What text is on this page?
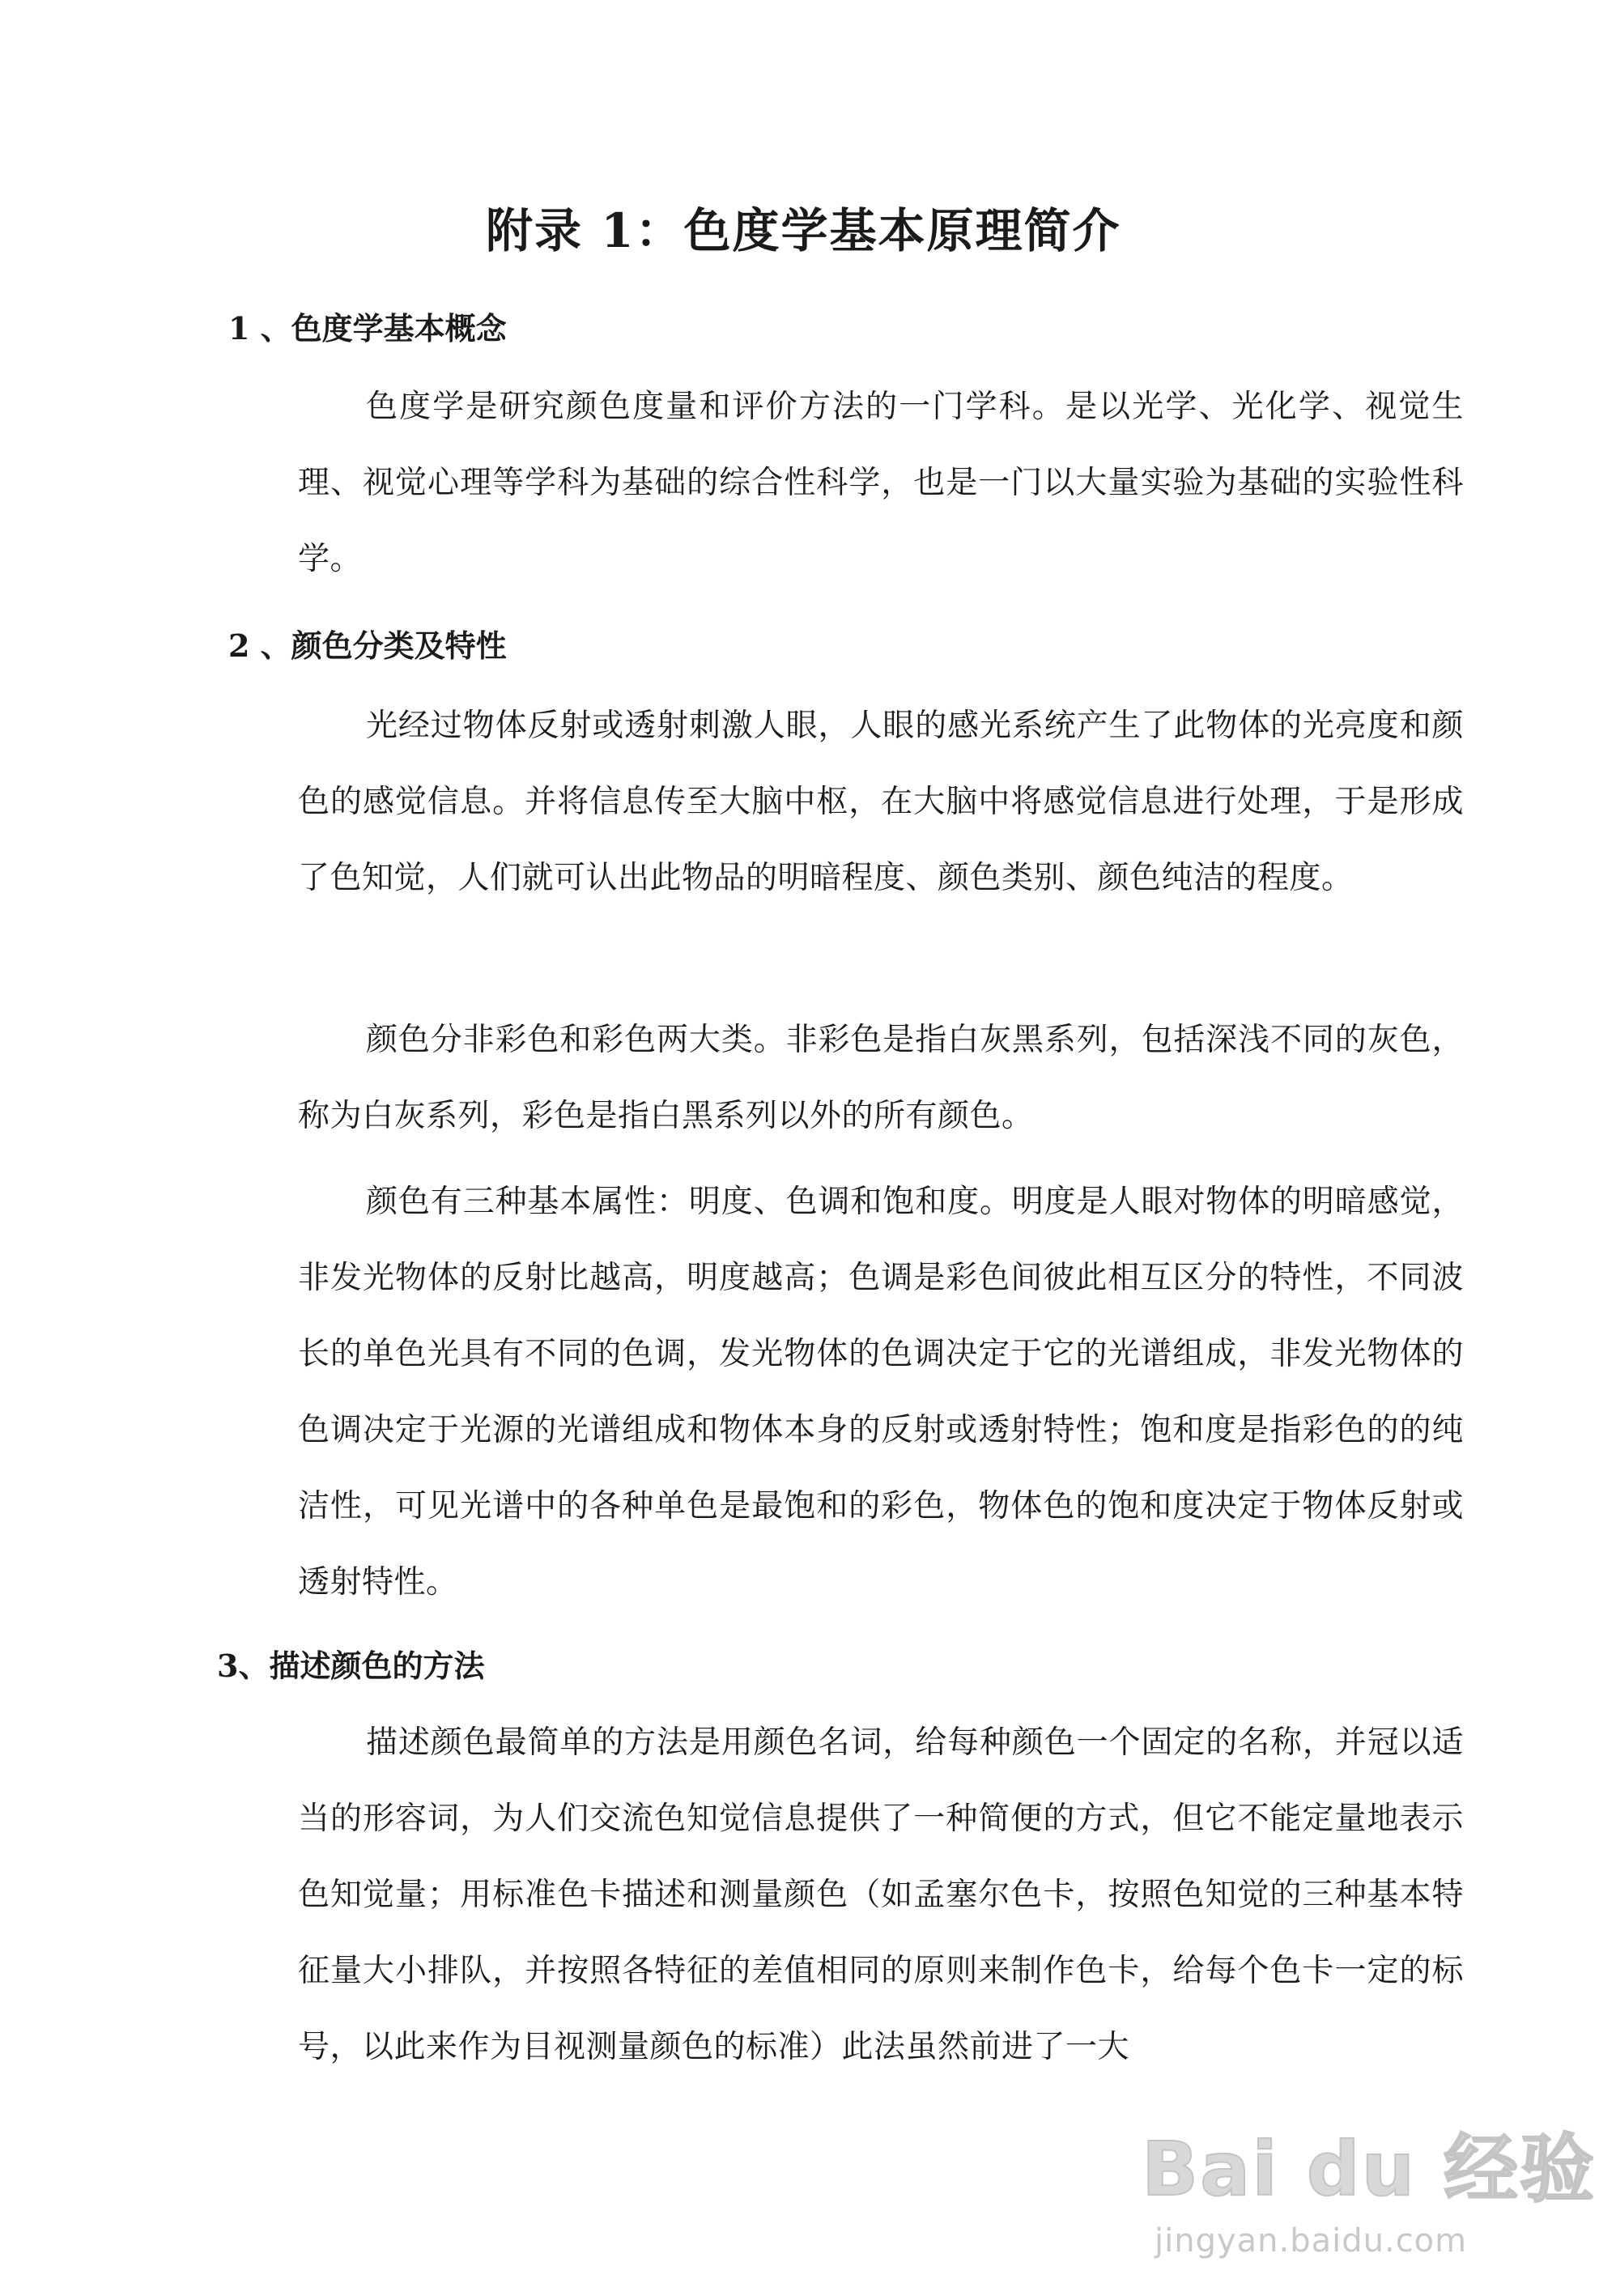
附录 1：色度学基本原理简介
1 、色度学基本概念

色度学是研究颜色度量和评价方法的一门学科。是以光学、光化学、视觉生理、视觉心理等学科为基础的综合性科学，也是一门以大量实验为基础的实验性科学。

2 、颜色分类及特性

光经过物体反射或透射刺激人眼，人眼的感光系统产生了此物体的光亮度和颜色的感觉信息。并将信息传至大脑中枢，在大脑中将感觉信息进行处理，于是形成了色知觉，人们就可认出此物品的明暗程度、颜色类别、颜色纯洁的程度。

颜色分非彩色和彩色两大类。非彩色是指白灰黑系列，包括深浅不同的灰色，称为白灰系列，彩色是指白黑系列以外的所有颜色。

颜色有三种基本属性：明度、色调和饱和度。明度是人眼对物体的明暗感觉，非发光物体的反射比越高，明度越高；色调是彩色间彼此相互区分的特性，不同波长的单色光具有不同的色调，发光物体的色调决定于它的光谱组成，非发光物体的色调决定于光源的光谱组成和物体本身的反射或透射特性；饱和度是指彩色的的纯洁性，可见光谱中的各种单色是最饱和的彩色，物体色的饱和度决定于物体反射或透射特性。

3、描述颜色的方法

描述颜色最简单的方法是用颜色名词，给每种颜色一个固定的名称，并冠以适当的形容词，为人们交流色知觉信息提供了一种简便的方式，但它不能定量地表示色知觉量；用标准色卡描述和测量颜色（如孟塞尔色卡，按照色知觉的三种基本特征量大小排队，并按照各特征的差值相同的原则来制作色卡，给每个色卡一定的标号，以此来作为目视测量颜色的标准）此法虽然前进了一大

Bai du 经验
jingyan.baidu.com
